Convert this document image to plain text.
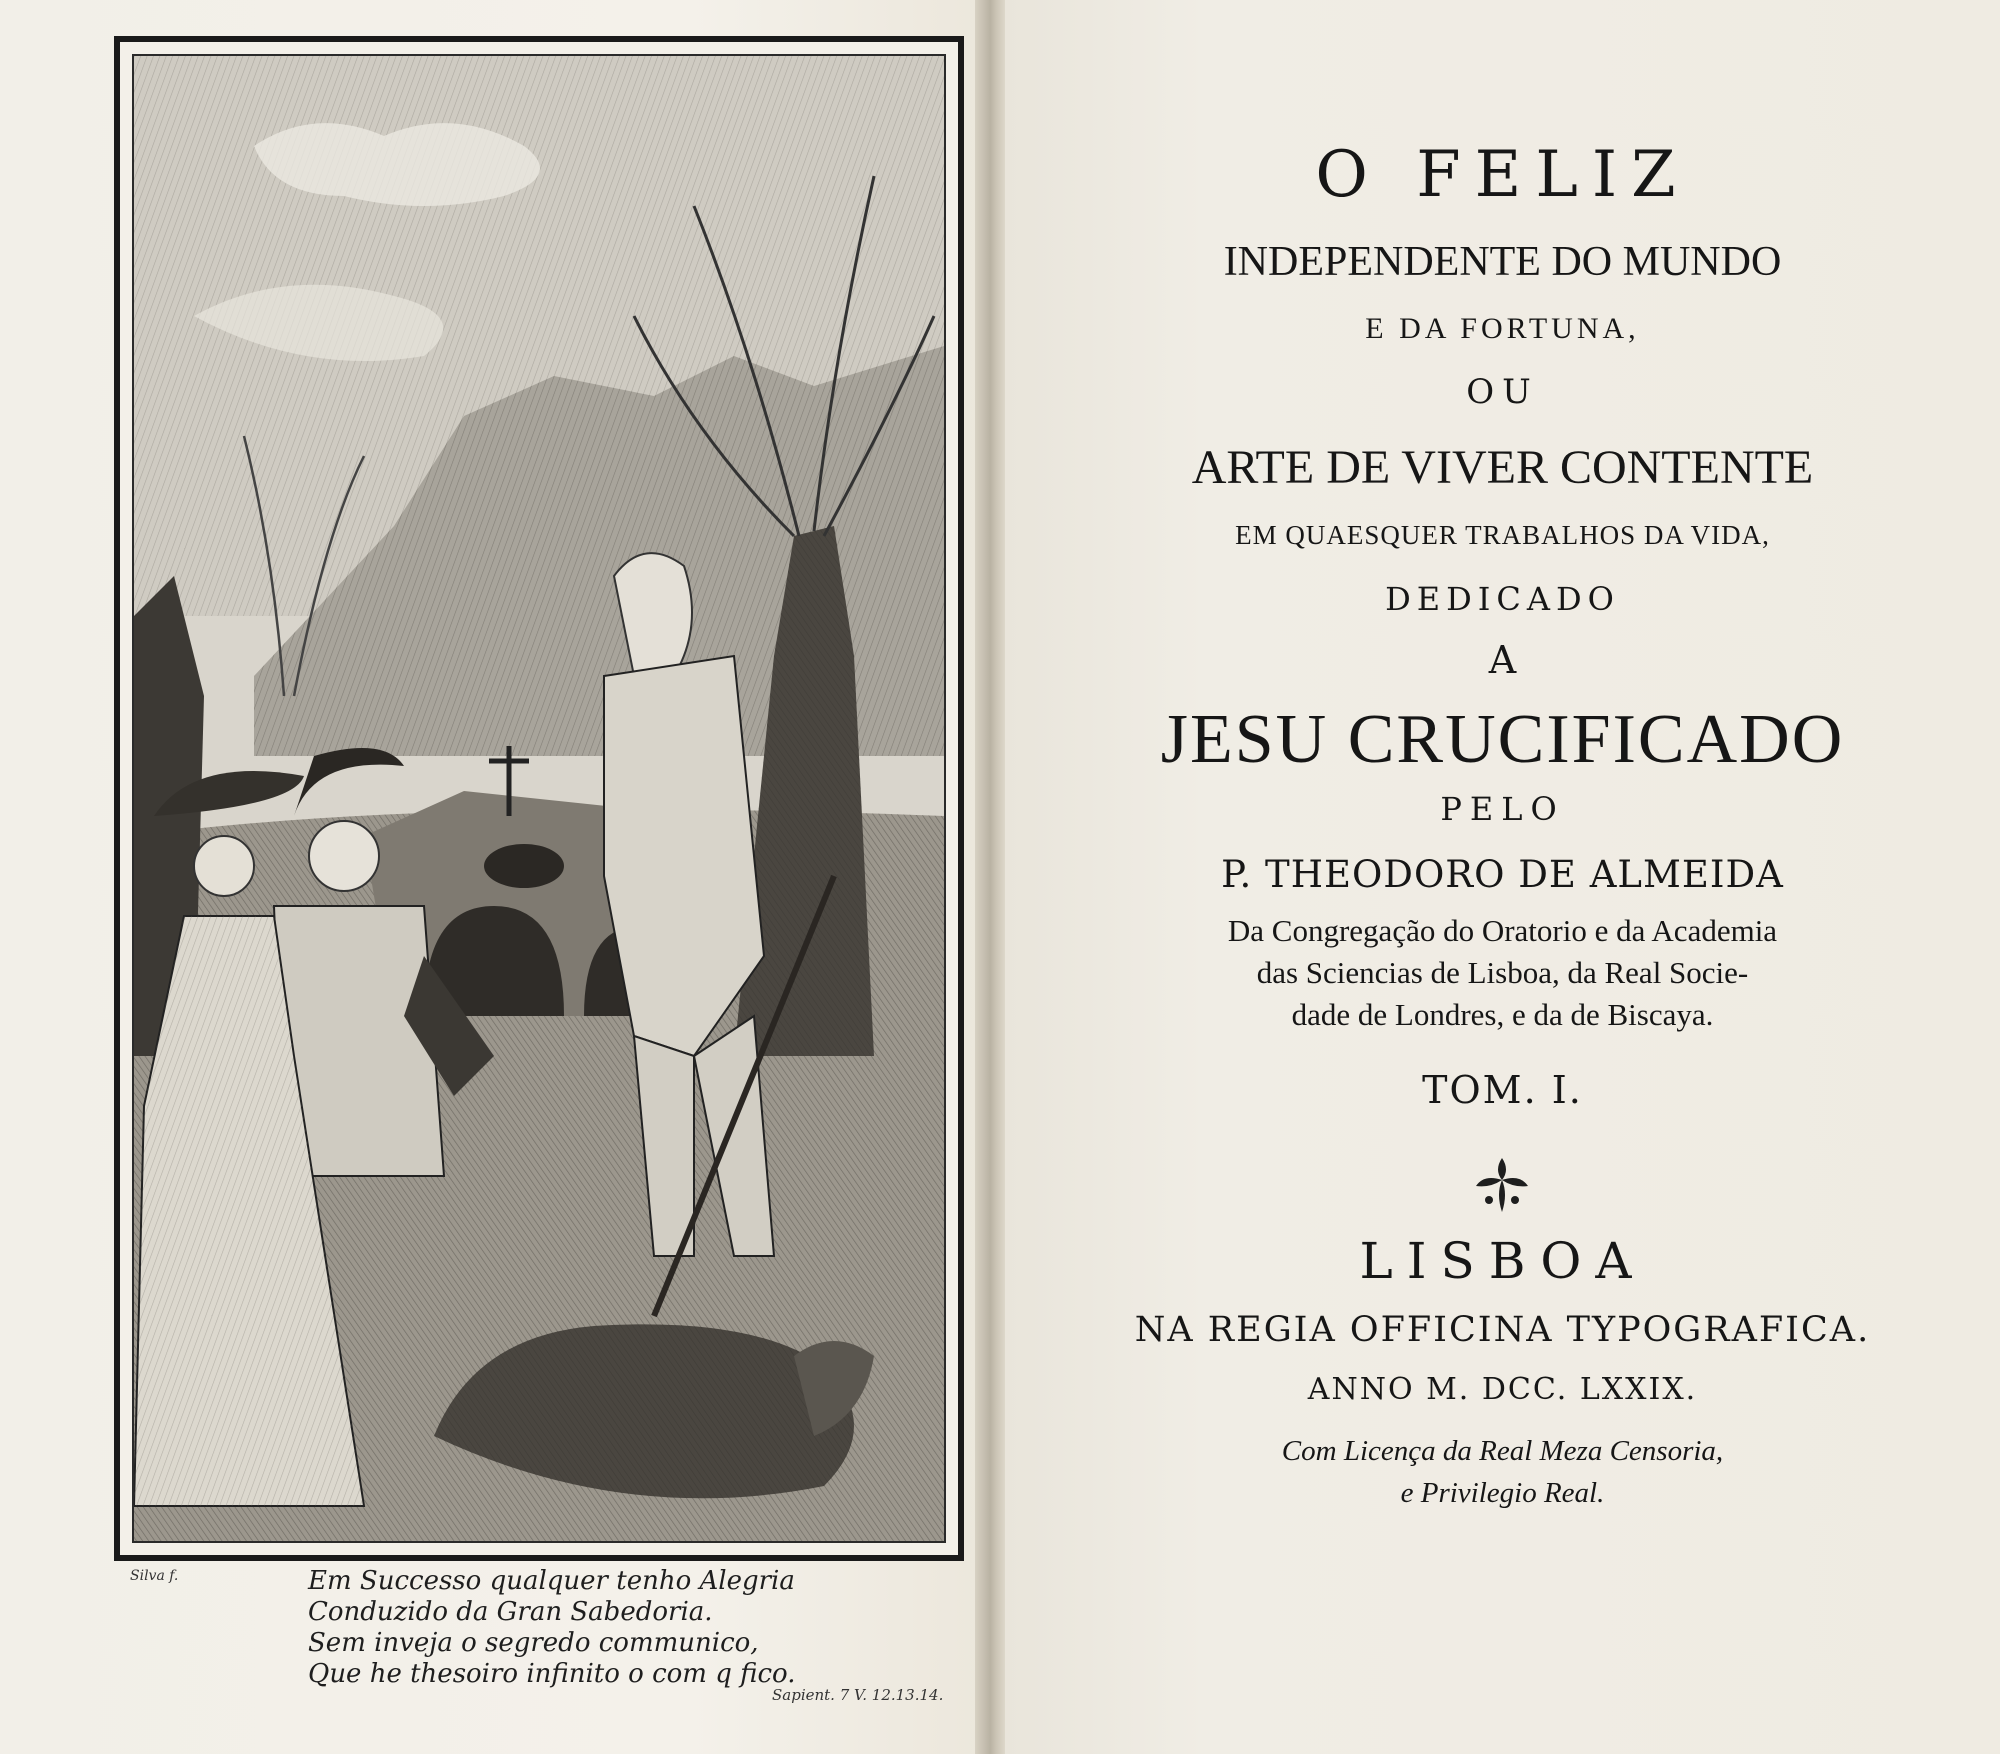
Silva f.	Em Successo qualquer tenho Alegria
Conduzido da Gran Sabedoria.
Sem inveja o segredo communico,
Que he thesoiro infinito o com q fico.
Sapient. 7 V. 12.13.14.
O FELIZ
INDEPENDENTE DO MUNDO
E DA FORTUNA,
OU
ARTE DE VIVER CONTENTE
EM QUAESQUER TRABALHOS DA VIDA,
DEDICADO
A
JESU CRUCIFICADO
PELO
P. THEODORO DE ALMEIDA
Da Congregação do Oratorio e da Academia
das Sciencias de Lisboa, da Real Socie-
dade de Londres, e da de Biscaya.
TOM. I.
LISBOA
NA REGIA OFFICINA TYPOGRAFICA.
ANNO M. DCC. LXXIX.
Com Licença da Real Meza Censoria,
e Privilegio Real.
